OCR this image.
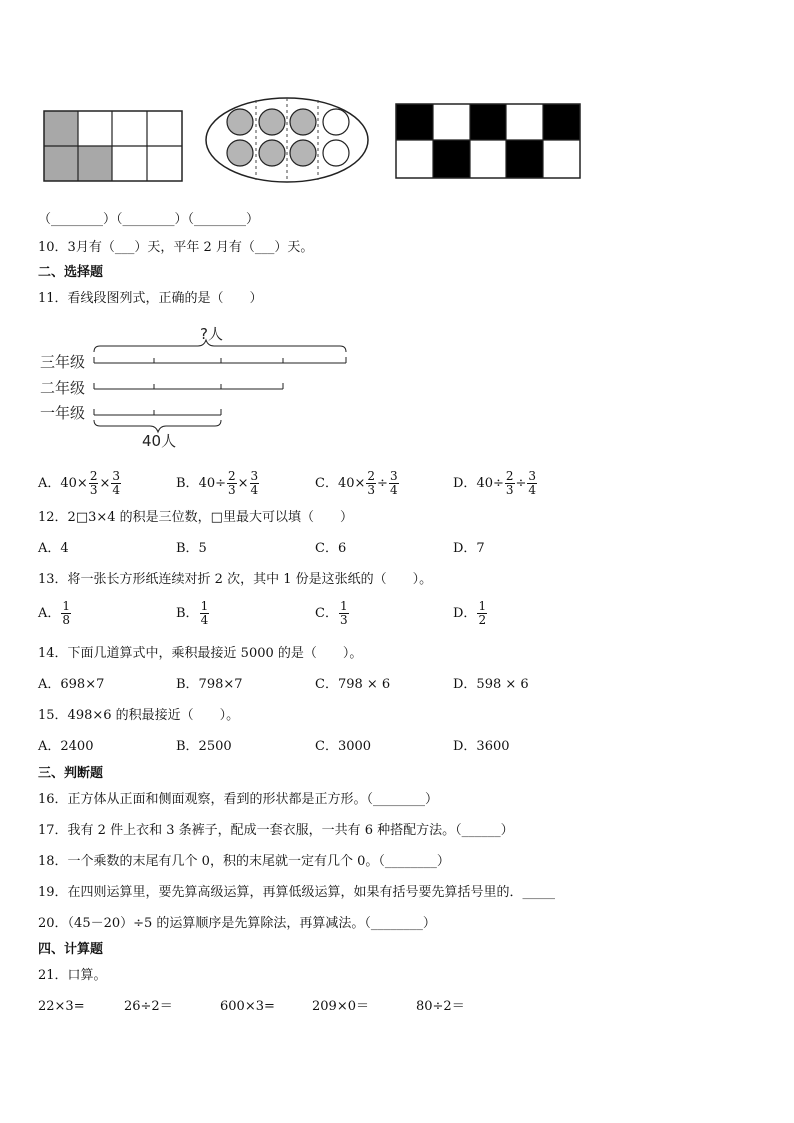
（________）（________）（________）
10．3月有（___）天，平年 2 月有（___）天。
二、选择题
11．看线段图列式，正确的是（　　）
?人
三年级
二年级
一年级
40人
A．$40\times \frac{2}{3} \times \frac{3}{4}$	B．$40\div \frac{2}{3} \times \frac{3}{4}$	C．$40\times \frac{2}{3} \div \frac{3}{4}$	D．$40\div \frac{2}{3} \div \frac{3}{4}$
12．2□3×4 的积是三位数，□里最大可以填（　　）
A．4	B．5	C．6	D．7
13．将一张长方形纸连续对折 2 次，其中 1 份是这张纸的（　　）。
A． $\frac{1}{8}$	B． $\frac{1}{4}$	C． $\frac{1}{3}$	D． $\frac{1}{2}$
14．下面几道算式中，乘积最接近 5000 的是（　　）。
A．698×7	B．798×7	C．798 × 6	D．598 × 6
15．498×6 的积最接近（　　）。
A．2400	B．2500	C．3000	D．3600
三、判断题
16．正方体从正面和侧面观察，看到的形状都是正方形。（________）
17．我有 2 件上衣和 3 条裤子，配成一套衣服，一共有 6 种搭配方法。（______）
18．一个乘数的末尾有几个 0，积的末尾就一定有几个 0。（________）
19．在四则运算里，要先算高级运算，再算低级运算，如果有括号要先算括号里的．_____
20．（45－20）÷5 的运算顺序是先算除法，再算减法。（________）
四、计算题
21．口算。
22×3=	26÷2＝	600×3=	209×0＝	80÷2＝
